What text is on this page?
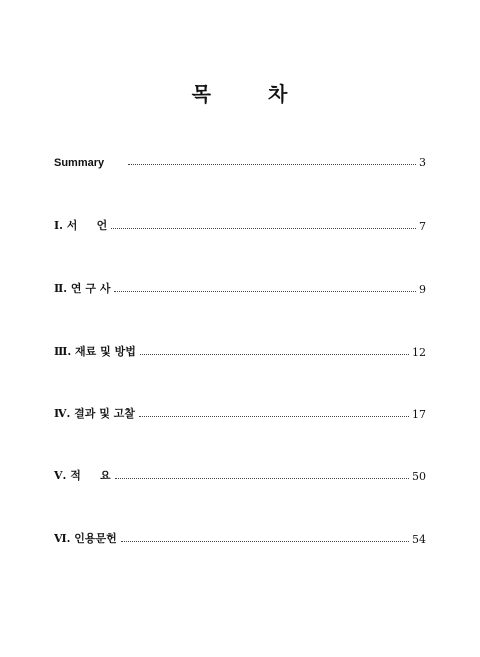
목	차
Summary	3
Ⅰ. 서     언	7
Ⅱ. 연 구 사	9
Ⅲ. 재료 및 방법	12
Ⅳ. 결과 및 고찰	17
Ⅴ. 적     요	50
Ⅵ. 인용문헌	54
